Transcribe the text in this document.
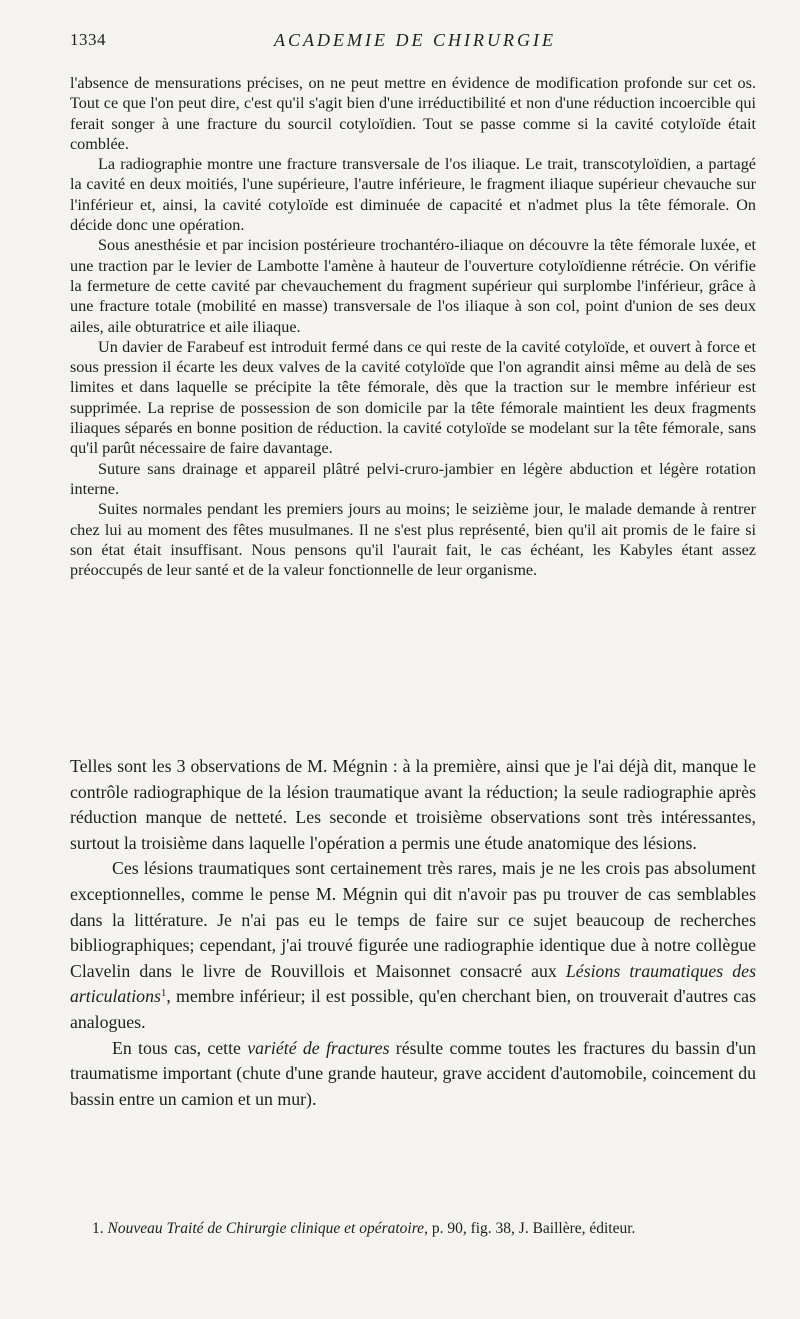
1334	ACADEMIE DE CHIRURGIE

l'absence de mensurations précises, on ne peut mettre en évidence de modification profonde sur cet os. Tout ce que l'on peut dire, c'est qu'il s'agit bien d'une irréductibilité et non d'une réduction incoercible qui ferait songer à une fracture du sourcil cotyloïdien. Tout se passe comme si la cavité cotyloïde était comblée.

La radiographie montre une fracture transversale de l'os iliaque. Le trait, transcotyloïdien, a partagé la cavité en deux moitiés, l'une supérieure, l'autre inférieure, le fragment iliaque supérieur chevauche sur l'inférieur et, ainsi, la cavité cotyloïde est diminuée de capacité et n'admet plus la tête fémorale. On décide donc une opération.

Sous anesthésie et par incision postérieure trochantéro-iliaque on découvre la tête fémorale luxée, et une traction par le levier de Lambotte l'amène à hauteur de l'ouverture cotyloïdienne rétrécie. On vérifie la fermeture de cette cavité par chevauchement du fragment supérieur qui surplombe l'inférieur, grâce à une fracture totale (mobilité en masse) transversale de l'os iliaque à son col, point d'union de ses deux ailes, aile obturatrice et aile iliaque.

Un davier de Farabeuf est introduit fermé dans ce qui reste de la cavité cotyloïde, et ouvert à force et sous pression il écarte les deux valves de la cavité cotyloïde que l'on agrandit ainsi même au delà de ses limites et dans laquelle se précipite la tête fémorale, dès que la traction sur le membre inférieur est supprimée. La reprise de possession de son domicile par la tête fémorale maintient les deux fragments iliaques séparés en bonne position de réduction. la cavité cotyloïde se modelant sur la tête fémorale, sans qu'il parût nécessaire de faire davantage.

Suture sans drainage et appareil plâtré pelvi-cruro-jambier en légère abduction et légère rotation interne.

Suites normales pendant les premiers jours au moins; le seizième jour, le malade demande à rentrer chez lui au moment des fêtes musulmanes. Il ne s'est plus représenté, bien qu'il ait promis de le faire si son état était insuffisant. Nous pensons qu'il l'aurait fait, le cas échéant, les Kabyles étant assez préoccupés de leur santé et de la valeur fonctionnelle de leur organisme.

Telles sont les 3 observations de M. Mégnin : à la première, ainsi que je l'ai déjà dit, manque le contrôle radiographique de la lésion traumatique avant la réduction; la seule radiographie après réduction manque de netteté. Les seconde et troisième observations sont très intéressantes, surtout la troisième dans laquelle l'opération a permis une étude anatomique des lésions.

Ces lésions traumatiques sont certainement très rares, mais je ne les crois pas absolument exceptionnelles, comme le pense M. Mégnin qui dit n'avoir pas pu trouver de cas semblables dans la littérature. Je n'ai pas eu le temps de faire sur ce sujet beaucoup de recherches bibliographiques; cependant, j'ai trouvé figurée une radiographie identique due à notre collègue Clavelin dans le livre de Rouvillois et Maisonnet consacré aux Lésions traumatiques des articulations$^1$, membre inférieur; il est possible, qu'en cherchant bien, on trouverait d'autres cas analogues.

En tous cas, cette variété de fractures résulte comme toutes les fractures du bassin d'un traumatisme important (chute d'une grande hauteur, grave accident d'automobile, coincement du bassin entre un camion et un mur).

1. Nouveau Traité de Chirurgie clinique et opératoire, p. 90, fig. 38, J. Baillère, éditeur.
